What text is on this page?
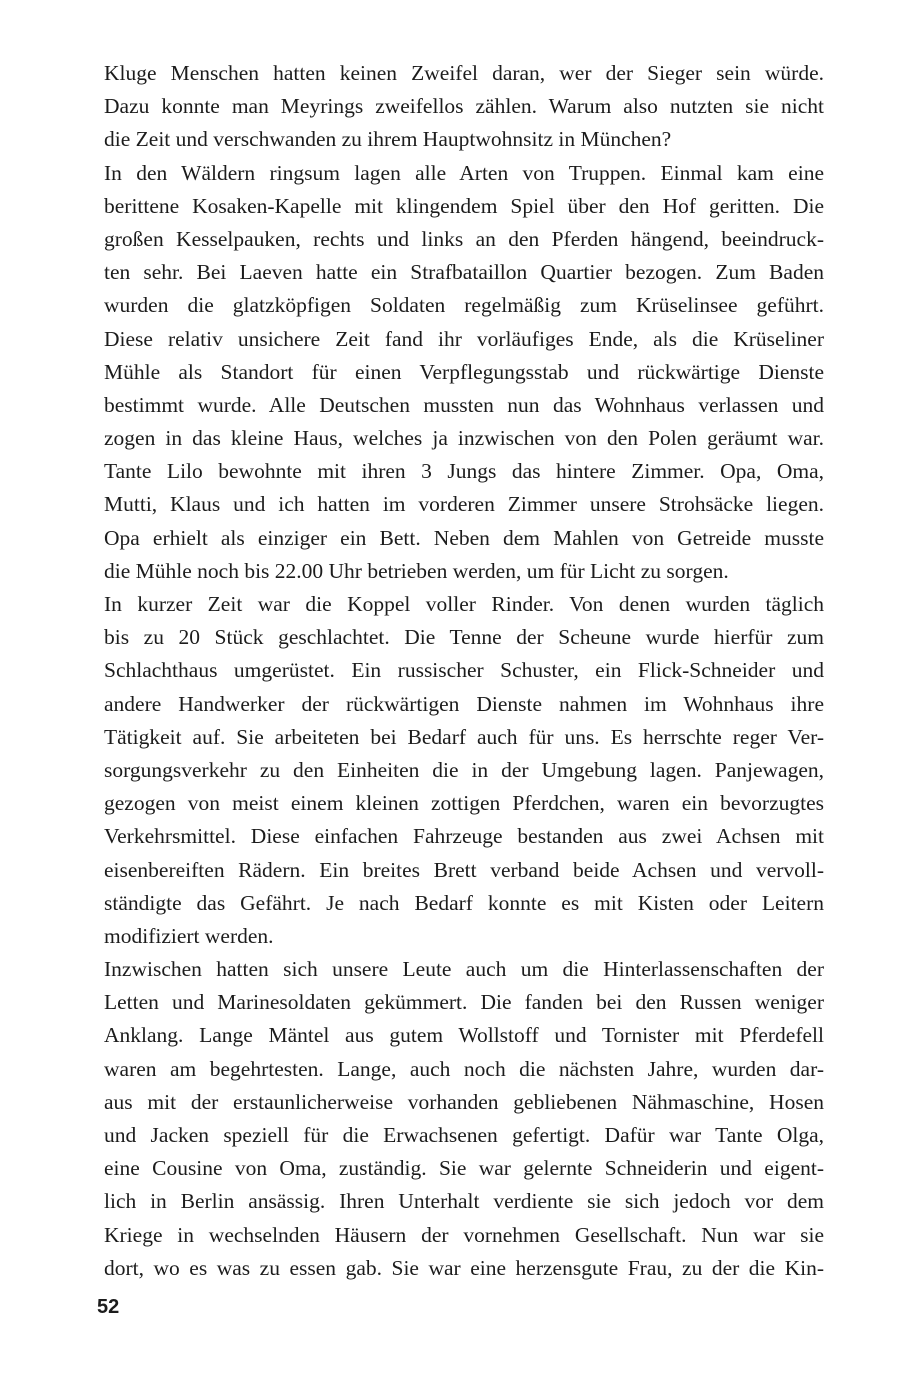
Kluge Menschen hatten keinen Zweifel daran, wer der Sieger sein würde.
Dazu konnte man Meyrings zweifellos zählen. Warum also nutzten sie nicht
die Zeit und verschwanden zu ihrem Hauptwohnsitz in München?
In den Wäldern ringsum lagen alle Arten von Truppen. Einmal kam eine
berittene Kosaken-Kapelle mit klingendem Spiel über den Hof geritten. Die
großen Kesselpauken, rechts und links an den Pferden hängend, beeindruck-
ten sehr. Bei Laeven hatte ein Strafbataillon Quartier bezogen. Zum Baden
wurden die glatzköpfigen Soldaten regelmäßig zum Krüselinsee geführt.
Diese relativ unsichere Zeit fand ihr vorläufiges Ende, als die Krüseliner
Mühle als Standort für einen Verpflegungsstab und rückwärtige Dienste
bestimmt wurde. Alle Deutschen mussten nun das Wohnhaus verlassen und
zogen in das kleine Haus, welches ja inzwischen von den Polen geräumt war.
Tante Lilo bewohnte mit ihren 3 Jungs das hintere Zimmer. Opa, Oma,
Mutti, Klaus und ich hatten im vorderen Zimmer unsere Strohsäcke liegen.
Opa erhielt als einziger ein Bett. Neben dem Mahlen von Getreide musste
die Mühle noch bis 22.00 Uhr betrieben werden, um für Licht zu sorgen.
In kurzer Zeit war die Koppel voller Rinder. Von denen wurden täglich
bis zu 20 Stück geschlachtet. Die Tenne der Scheune wurde hierfür zum
Schlachthaus umgerüstet. Ein russischer Schuster, ein Flick-Schneider und
andere Handwerker der rückwärtigen Dienste nahmen im Wohnhaus ihre
Tätigkeit auf. Sie arbeiteten bei Bedarf auch für uns. Es herrschte reger Ver-
sorgungsverkehr zu den Einheiten die in der Umgebung lagen. Panjewagen,
gezogen von meist einem kleinen zottigen Pferdchen, waren ein bevorzugtes
Verkehrsmittel. Diese einfachen Fahrzeuge bestanden aus zwei Achsen mit
eisenbereiften Rädern. Ein breites Brett verband beide Achsen und vervoll-
ständigte das Gefährt. Je nach Bedarf konnte es mit Kisten oder Leitern
modifiziert werden.
Inzwischen hatten sich unsere Leute auch um die Hinterlassenschaften der
Letten und Marinesoldaten gekümmert. Die fanden bei den Russen weniger
Anklang. Lange Mäntel aus gutem Wollstoff und Tornister mit Pferdefell
waren am begehrtesten. Lange, auch noch die nächsten Jahre, wurden dar-
aus mit der erstaunlicherweise vorhanden gebliebenen Nähmaschine, Hosen
und Jacken speziell für die Erwachsenen gefertigt. Dafür war Tante Olga,
eine Cousine von Oma, zuständig. Sie war gelernte Schneiderin und eigent-
lich in Berlin ansässig. Ihren Unterhalt verdiente sie sich jedoch vor dem
Kriege in wechselnden Häusern der vornehmen Gesellschaft. Nun war sie
dort, wo es was zu essen gab. Sie war eine herzensgute Frau, zu der die Kin-
52
